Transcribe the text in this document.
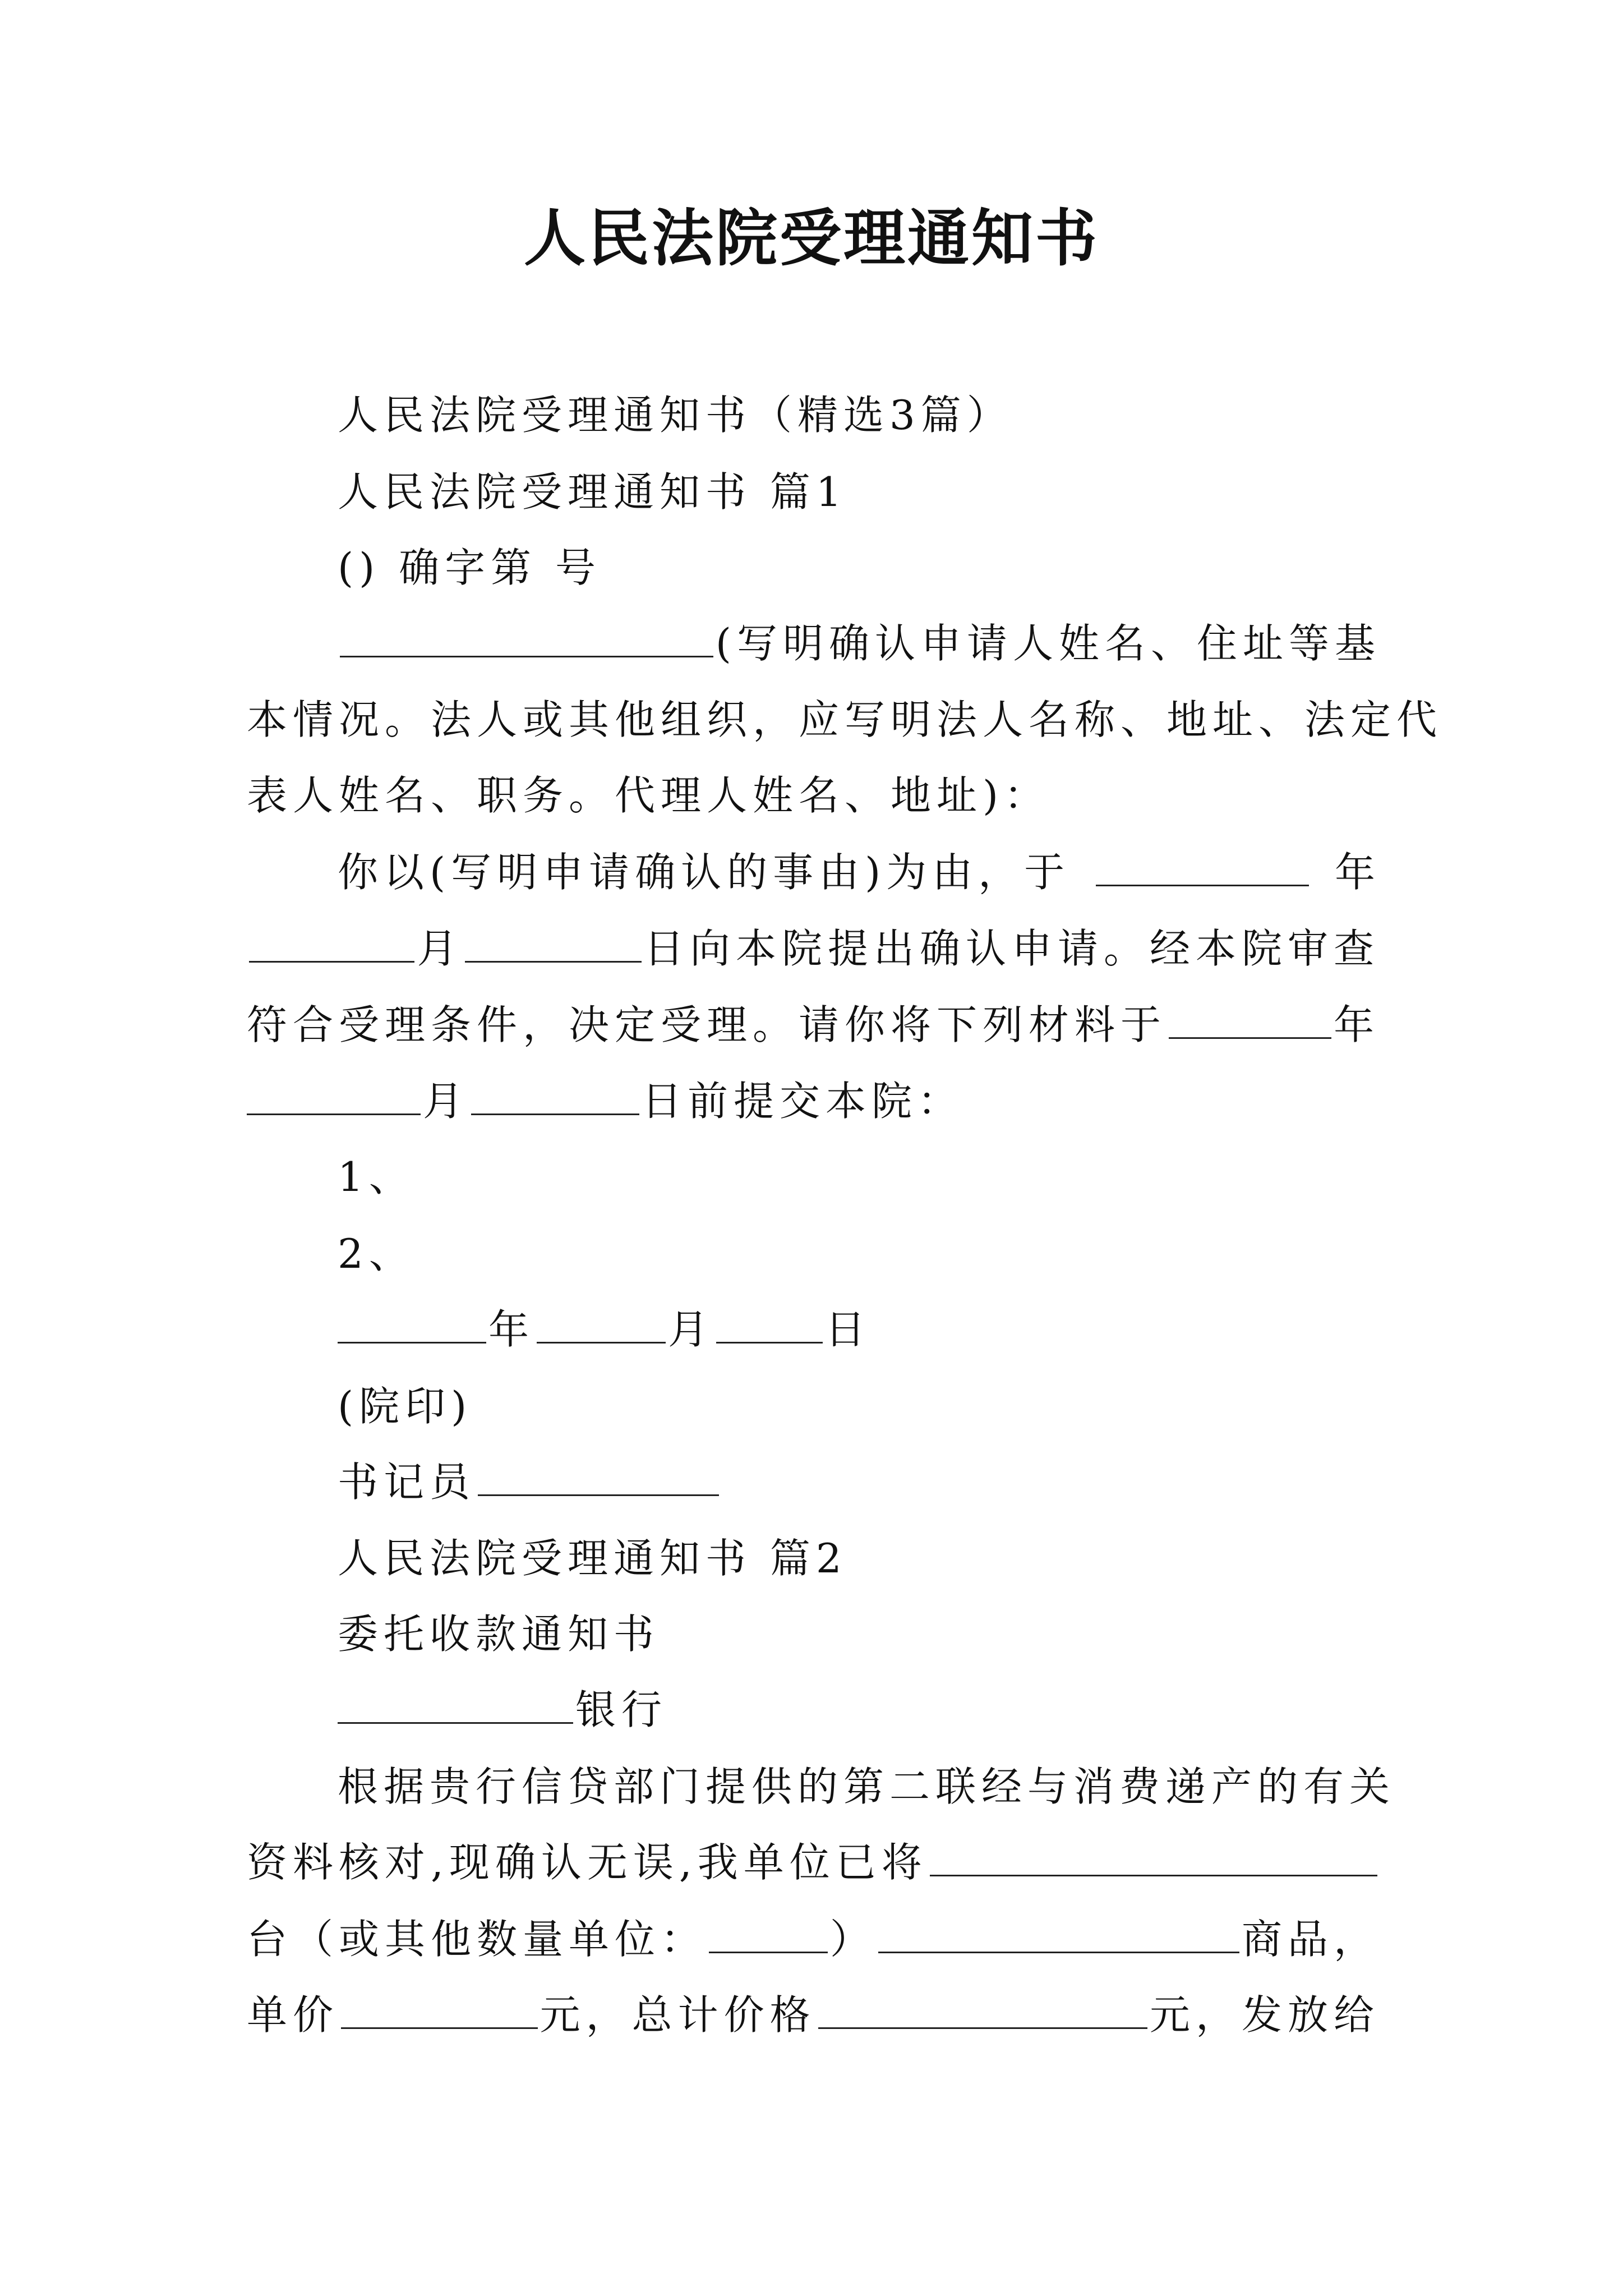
人民法院受理通知书
人民法院受理通知书（精选3篇）
人民法院受理通知书 篇1
() 确字第 号
(写明确认申请人姓名、住址等基
本情况。法人或其他组织，应写明法人名称、地址、法定代
表人姓名、职务。代理人姓名、地址)：
你以(写明申请确认的事由)为由，于	年
月	日向本院提出确认申请。经本院审查
符合受理条件，决定受理。请你将下列材料于	年
月	日前提交本院：
1、
2、
年	月	日
(院印)
书记员
人民法院受理通知书 篇2
委托收款通知书
银行
根据贵行信贷部门提供的第二联经与消费递产的有关
资料核对,现确认无误,我单位已将
台（或其他数量单位：	）	商品，
单价	元，总计价格	元，发放给
